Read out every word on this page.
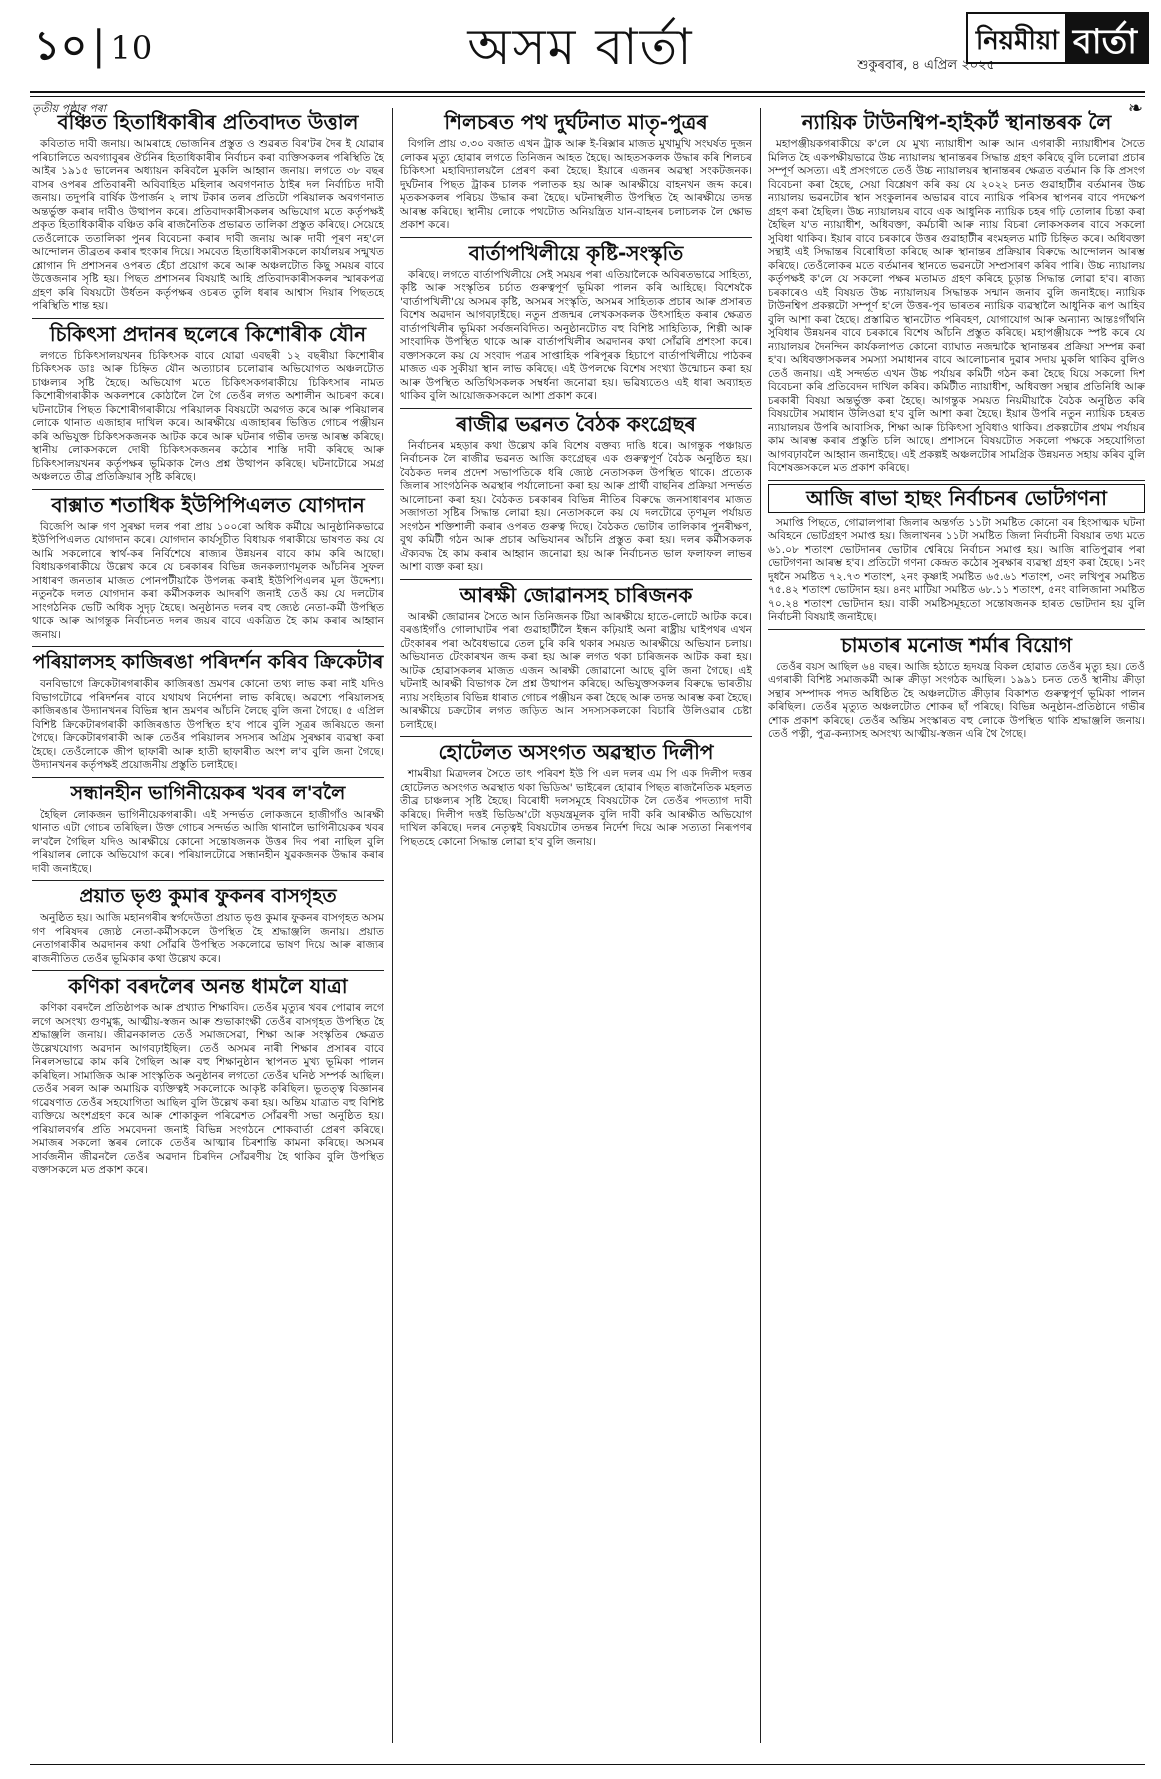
১০ | 10	অসম বাৰ্তা	শুকুৰবাৰ, ৪ এপ্ৰিল ২০২৫
নিয়মীয়া বাৰ্তা
তৃতীয় পৃষ্ঠাৰ পৰা	❧
বঞ্চিত হিতাধিকাৰীৰ প্ৰতিবাদত উত্তাল
কবিতাত দাবী জনায়। আমৰাহে ভোজনিৰ প্ৰস্তুত ও শুৱৰত বিৰ'টৰ দৈৰ ই যোৱাৰ পৰিচালিতে অবগ্যাবুৰৰ ঔৰ্চনিৰ হিতাধিকাৰীৰ নিৰ্বাচন কৰা ব্যক্তিসকলৰ পৰিস্থিতি হৈ আইৰ ১৯১৫ ভালেনৰ অধ্যায়ন কৰিবলৈ মুকলি আহ্বান জনায়। লগতে ৩৮ বছৰ বাসৰ ওপৰৰ প্ৰতিবাৰনী অবিবাহিত মহিলাৰ অবগণনাত ঠাইৰ দল নিৰ্বাচিত দাবী জনায়। তদুপৰি বাৰ্ষিক উপাৰ্জন ২ লাখ টকাৰ তলৰ প্ৰতিটো পৰিয়ালক অবগণনাত অন্তৰ্ভুক্ত কৰাৰ দাবীও উত্থাপন কৰে। প্ৰতিবাদকাৰীসকলৰ অভিযোগ মতে কৰ্তৃপক্ষই প্ৰকৃত হিতাধিকাৰীক বঞ্চিত কৰি ৰাজনৈতিক প্ৰভাৱত তালিকা প্ৰস্তুত কৰিছে। সেয়েহে তেওঁলোকে ততালিকা পুনৰ বিবেচনা কৰাৰ দাবী জনায় আৰু দাবী পূৰণ নহ'লে আন্দোলন তীব্ৰতৰ কৰাৰ হুংকাৰ দিয়ে। সমবেত হিতাধিকাৰীসকলে কাৰ্যালয়ৰ সন্মুখত শ্লোগান দি প্ৰশাসনৰ ওপৰত হেঁচা প্ৰয়োগ কৰে আৰু অঞ্চলটোত কিছু সময়ৰ বাবে উত্তেজনাৰ সৃষ্টি হয়। পিছত প্ৰশাসনৰ বিষয়াই আহি প্ৰতিবাদকাৰীসকলৰ স্মাৰকপত্ৰ গ্ৰহণ কৰি বিষয়টো উৰ্ধতন কৰ্তৃপক্ষৰ ওচৰত তুলি ধৰাৰ আশ্বাস দিয়াৰ পিছতহে পৰিস্থিতি শান্ত হয়।
চিকিৎসা প্ৰদানৰ ছলেৰে কিশোৰীক যৌন
লগতে চিকিৎসালয়খনৰ চিকিৎসক বাবে যোৱা এবছৰী ১২ বছৰীয়া কিশোৰীৰ চিকিৎসক ডাঃ আৰু চিহ্নিত যৌন অত্যাচাৰ চলোৱাৰ অভিযোগত অঞ্চলটোত চাঞ্চল্যৰ সৃষ্টি হৈছে। অভিযোগ মতে চিকিৎসকগৰাকীয়ে চিকিৎসাৰ নামত কিশোৰীগৰাকীক অকলশৰে কোঠালৈ লৈ গৈ তেওঁৰ লগত অশালীন আচৰণ কৰে। ঘটনাটোৰ পিছত কিশোৰীগৰাকীয়ে পৰিয়ালক বিষয়টো অৱগত কৰে আৰু পৰিয়ালৰ লোকে থানাত এজাহাৰ দাখিল কৰে। আৰক্ষীয়ে এজাহাৰৰ ভিত্তিত গোচৰ পঞ্জীয়ন কৰি অভিযুক্ত চিকিৎসকজনক আটক কৰে আৰু ঘটনাৰ গভীৰ তদন্ত আৰম্ভ কৰিছে। স্থানীয় লোকসকলে দোষী চিকিৎসকজনৰ কঠোৰ শাস্তি দাবী কৰিছে আৰু চিকিৎসালয়খনৰ কৰ্তৃপক্ষৰ ভূমিকাক লৈও প্ৰশ্ন উত্থাপন কৰিছে। ঘটনাটোৱে সমগ্ৰ অঞ্চলতে তীব্ৰ প্ৰতিক্ৰিয়াৰ সৃষ্টি কৰিছে।
বাক্সাত শতাধিক ইউপিপিএলত যোগদান
বিজেপি আৰু গণ সুৰক্ষা দলৰ পৰা প্ৰায় ১০০ৰো অধিক কৰ্মীয়ে আনুষ্ঠানিকভাৱে ইউপিপিএলত যোগদান কৰে। যোগদান কাৰ্যসূচীত বিধায়ক গৰাকীয়ে ভাষণত কয় যে আমি সকলোৰে স্বাৰ্থ-কৰ নিৰ্বিশেষে ৰাজ্যৰ উন্নয়নৰ বাবে কাম কৰি আছো। বিধায়কগৰাকীয়ে উল্লেখ কৰে যে চৰকাৰৰ বিভিন্ন জনকল্যাণমূলক আঁচনিৰ সুফল সাধাৰণ জনতাৰ মাজত পোনপটীয়াকৈ উপলব্ধ কৰাই ইউপিপিএলৰ মূল উদ্দেশ্য। নতুনকৈ দলত যোগদান কৰা কৰ্মীসকলক আদৰণি জনাই তেওঁ কয় যে দলটোৰ সাংগঠনিক ভেটি অধিক সুদৃঢ় হৈছে। অনুষ্ঠানত দলৰ বহু জ্যেষ্ঠ নেতা-কৰ্মী উপস্থিত থাকে আৰু আগন্তুক নিৰ্বাচনত দলৰ জয়ৰ বাবে একত্ৰিত হৈ কাম কৰাৰ আহ্বান জনায়।
পৰিয়ালসহ কাজিৰঙা পৰিদৰ্শন কৰিব ক্ৰিকেটাৰ
বনবিভাগে ক্ৰিকেটাৰগৰাকীৰ কাজিৰঙা ভ্ৰমণৰ কোনো তথ্য লাভ কৰা নাই যদিও বিভাগটোৱে পৰিদৰ্শনৰ বাবে যথাযথ নিৰ্দেশনা লাভ কৰিছে। অৱশ্যে পৰিয়ালসহ কাজিৰঙাৰ উদ্যানখনৰ বিভিন্ন স্থান ভ্ৰমণৰ আঁচনি লৈছে বুলি জনা গৈছে। ৫ এপ্ৰিল বিশিষ্ট ক্ৰিকেটাৰগৰাকী কাজিৰঙাত উপস্থিত হ'ব পাৰে বুলি সূত্ৰৰ জৰিয়তে জনা গৈছে। ক্ৰিকেটাৰগৰাকী আৰু তেওঁৰ পৰিয়ালৰ সদস্যৰ অগ্ৰিম সুৰক্ষাৰ ব্যৱস্থা কৰা হৈছে। তেওঁলোকে জীপ ছাফাৰী আৰু হাতী ছাফাৰীত অংশ ল'ব বুলি জনা গৈছে। উদ্যানখনৰ কৰ্তৃপক্ষই প্ৰয়োজনীয় প্ৰস্তুতি চলাইছে।
সন্ধানহীন ভাগিনীয়েকৰ খবৰ ল'বলৈ
হৈছিল লোকজন ভাগিনীয়েকগৰাকী। এই সন্দৰ্ভত লোকজনে হাজীগাঁও আৰক্ষী থানাত এটা গোচৰ তৰিছিল। উক্ত গোচৰ সন্দৰ্ভত আজি থানালৈ ভাগিনীয়েকৰ খবৰ ল'বলৈ গৈছিল যদিও আৰক্ষীয়ে কোনো সন্তোষজনক উত্তৰ দিব পৰা নাছিল বুলি পৰিয়ালৰ লোকে অভিযোগ কৰে। পৰিয়ালটোৱে সন্ধানহীন যুৱকজনক উদ্ধাৰ কৰাৰ দাবী জনাইছে।
প্ৰয়াত ভৃগু কুমাৰ ফুকনৰ বাসগৃহত
অনুষ্ঠিত হয়। আজি মহানগৰীৰ স্বৰ্গদেউতা প্ৰয়াত ভৃগু কুমাৰ ফুকনৰ বাসগৃহত অসম গণ পৰিষদৰ জ্যেষ্ঠ নেতা-কৰ্মীসকলে উপস্থিত হৈ শ্ৰদ্ধাঞ্জলি জনায়। প্ৰয়াত নেতাগৰাকীৰ অৱদানৰ কথা সোঁৱৰি উপস্থিত সকলোৱে ভাষণ দিয়ে আৰু ৰাজ্যৰ ৰাজনীতিত তেওঁৰ ভূমিকাৰ কথা উল্লেখ কৰে।
কণিকা বৰদলৈৰ অনন্ত ধামলৈ যাত্ৰা
কণিকা বৰদলৈ প্ৰতিষ্ঠাপক আৰু প্ৰখ্যাত শিক্ষাবিদ। তেওঁৰ মৃত্যুৰ খবৰ পোৱাৰ লগে লগে অসংখ্য গুণমুগ্ধ, আত্মীয়-স্বজন আৰু শুভাকাংক্ষী তেওঁৰ বাসগৃহত উপস্থিত হৈ শ্ৰদ্ধাঞ্জলি জনায়। জীৱনকালত তেওঁ সমাজসেৱা, শিক্ষা আৰু সংস্কৃতিৰ ক্ষেত্ৰত উল্লেখযোগ্য অৱদান আগবঢ়াইছিল। তেওঁ অসমৰ নাৰী শিক্ষাৰ প্ৰসাৰৰ বাবে নিৰলসভাৱে কাম কৰি গৈছিল আৰু বহু শিক্ষানুষ্ঠান স্থাপনত মুখ্য ভূমিকা পালন কৰিছিল। সামাজিক আৰু সাংস্কৃতিক অনুষ্ঠানৰ লগতো তেওঁৰ ঘনিষ্ঠ সম্পৰ্ক আছিল। তেওঁৰ সৰল আৰু অমায়িক ব্যক্তিত্বই সকলোকে আকৃষ্ট কৰিছিল। ভূতত্ত্ব বিজ্ঞানৰ গৱেষণাত তেওঁৰ সহযোগিতা আছিল বুলি উল্লেখ কৰা হয়। অন্তিম যাত্ৰাত বহু বিশিষ্ট ব্যক্তিয়ে অংশগ্ৰহণ কৰে আৰু শোকাকুল পৰিৱেশত সোঁৱৰণী সভা অনুষ্ঠিত হয়। পৰিয়ালবৰ্গৰ প্ৰতি সমবেদনা জনাই বিভিন্ন সংগঠনে শোকবাৰ্তা প্ৰেৰণ কৰিছে। সমাজৰ সকলো স্তৰৰ লোকে তেওঁৰ আত্মাৰ চিৰশান্তি কামনা কৰিছে। অসমৰ সাৰ্বজনীন জীৱনলৈ তেওঁৰ অৱদান চিৰদিন সোঁৱৰণীয় হৈ থাকিব বুলি উপস্থিত বক্তাসকলে মত প্ৰকাশ কৰে।
শিলচৰত পথ দুৰ্ঘটনাত মাতৃ-পুত্ৰৰ
বিগলি প্ৰায় ৩.৩০ বজাত এখন ট্ৰাক আৰু ই-ৰিক্সাৰ মাজত মুখামুখি সংঘৰ্ষত দুজন লোকৰ মৃত্যু হোৱাৰ লগতে তিনিজন আহত হৈছে। আহতসকলক উদ্ধাৰ কৰি শিলচৰ চিকিৎসা মহাবিদ্যালয়লৈ প্ৰেৰণ কৰা হৈছে। ইয়াৰে এজনৰ অৱস্থা সংকটজনক। দুৰ্ঘটনাৰ পিছত ট্ৰাকৰ চালক পলাতক হয় আৰু আৰক্ষীয়ে বাহনখন জব্দ কৰে। মৃতকসকলৰ পৰিচয় উদ্ধাৰ কৰা হৈছে। ঘটনাস্থলীত উপস্থিত হৈ আৰক্ষীয়ে তদন্ত আৰম্ভ কৰিছে। স্থানীয় লোকে পথটোত অনিয়ন্ত্ৰিত যান-বাহনৰ চলাচলক লৈ ক্ষোভ প্ৰকাশ কৰে।
বাৰ্তাপখিলীয়ে কৃষ্টি-সংস্কৃতি
কৰিছে। লগতে বাৰ্তাপখিলীয়ে সেই সময়ৰ পৰা এতিয়ালৈকে অবিৰতভাৱে সাহিত্য, কৃষ্টি আৰু সংস্কৃতিৰ চৰ্চাত গুৰুত্বপূৰ্ণ ভূমিকা পালন কৰি আহিছে। বিশেষকৈ 'বাৰ্তাপখিলী'য়ে অসমৰ কৃষ্টি, অসমৰ সংস্কৃতি, অসমৰ সাহিত্যক প্ৰচাৰ আৰু প্ৰসাৰত বিশেষ অৱদান আগবঢ়াইছে। নতুন প্ৰজন্মৰ লেখকসকলক উৎসাহিত কৰাৰ ক্ষেত্ৰত বাৰ্তাপখিলীৰ ভূমিকা সৰ্বজনবিদিত। অনুষ্ঠানটোত বহু বিশিষ্ট সাহিত্যিক, শিল্পী আৰু সাংবাদিক উপস্থিত থাকে আৰু বাৰ্তাপখিলীৰ অৱদানৰ কথা সোঁৱৰি প্ৰশংসা কৰে। বক্তাসকলে কয় যে সংবাদ পত্ৰৰ সাপ্তাহিক পৰিপূৰক হিচাপে বাৰ্তাপখিলীয়ে পাঠকৰ মাজত এক সুকীয়া স্থান লাভ কৰিছে। এই উপলক্ষে বিশেষ সংখ্যা উন্মোচন কৰা হয় আৰু উপস্থিত অতিথিসকলক সম্বৰ্ধনা জনোৱা হয়। ভৱিষ্যতেও এই ধাৰা অব্যাহত থাকিব বুলি আয়োজকসকলে আশা প্ৰকাশ কৰে।
ৰাজীৱ ভৱনত বৈঠক কংগ্ৰেছৰ
নিৰ্বাচনৰ মহড়াৰ কথা উল্লেখ কৰি বিশেষ বক্তব্য দাঙি ধৰে। আগন্তুক পঞ্চায়ত নিৰ্বাচনক লৈ ৰাজীৱ ভৱনত আজি কংগ্ৰেছৰ এক গুৰুত্বপূৰ্ণ বৈঠক অনুষ্ঠিত হয়। বৈঠকত দলৰ প্ৰদেশ সভাপতিকে ধৰি জ্যেষ্ঠ নেতাসকল উপস্থিত থাকে। প্ৰত্যেক জিলাৰ সাংগঠনিক অৱস্থাৰ পৰ্যালোচনা কৰা হয় আৰু প্ৰাৰ্থী বাছনিৰ প্ৰক্ৰিয়া সন্দৰ্ভত আলোচনা কৰা হয়। বৈঠকত চৰকাৰৰ বিভিন্ন নীতিৰ বিৰুদ্ধে জনসাধাৰণৰ মাজত সজাগতা সৃষ্টিৰ সিদ্ধান্ত লোৱা হয়। নেতাসকলে কয় যে দলটোৱে তৃণমূল পৰ্যায়ত সংগঠন শক্তিশালী কৰাৰ ওপৰত গুৰুত্ব দিছে। বৈঠকত ভোটাৰ তালিকাৰ পুনৰীক্ষণ, বুথ কমিটী গঠন আৰু প্ৰচাৰ অভিযানৰ আঁচনি প্ৰস্তুত কৰা হয়। দলৰ কৰ্মীসকলক ঐক্যবদ্ধ হৈ কাম কৰাৰ আহ্বান জনোৱা হয় আৰু নিৰ্বাচনত ভাল ফলাফল লাভৰ আশা ব্যক্ত কৰা হয়।
আৰক্ষী জোৱানসহ চাৰিজনক
আৰক্ষী জোৱানৰ সৈতে আন তিনিজনক টিয়া আৰক্ষীয়ে হাতে-লোটে আটক কৰে। বৰঙাইগাঁও গোলাঘাটৰ পৰা গুৱাহাটীলৈ ইন্ধন কঢ়িয়াই অনা ৰাষ্ট্ৰীয় ঘাইপথৰ এখন টেংকাৰৰ পৰা অবৈধভাৱে তেল চুৰি কৰি থকাৰ সময়ত আৰক্ষীয়ে অভিযান চলায়। অভিযানত টেংকাৰখন জব্দ কৰা হয় আৰু লগত থকা চাৰিজনক আটক কৰা হয়। আটক হোৱাসকলৰ মাজত এজন আৰক্ষী জোৱানো আছে বুলি জনা গৈছে। এই ঘটনাই আৰক্ষী বিভাগক লৈ প্ৰশ্ন উত্থাপন কৰিছে। অভিযুক্তসকলৰ বিৰুদ্ধে ভাৰতীয় ন্যায় সংহিতাৰ বিভিন্ন ধাৰাত গোচৰ পঞ্জীয়ন কৰা হৈছে আৰু তদন্ত আৰম্ভ কৰা হৈছে। আৰক্ষীয়ে চক্ৰটোৰ লগত জড়িত আন সদস্যসকলকো বিচাৰি উলিওৱাৰ চেষ্টা চলাইছে।
হোটেলত অসংগত অৱস্থাত দিলীপ
শামৰীয়া মিত্ৰদলৰ সৈতে তাৎ পৰিবশ ইউ পি এল দলৰ এম পি এক দিলীপ দত্তৰ হোটেলত অসংগত অৱস্থাত থকা ভিডিঅ' ভাইৰেল হোৱাৰ পিছত ৰাজনৈতিক মহলত তীব্ৰ চাঞ্চল্যৰ সৃষ্টি হৈছে। বিৰোধী দলসমূহে বিষয়টোক লৈ তেওঁৰ পদত্যাগ দাবী কৰিছে। দিলীপ দত্তই ভিডিঅ'টো ষড়যন্ত্ৰমূলক বুলি দাবী কৰি আৰক্ষীত অভিযোগ দাখিল কৰিছে। দলৰ নেতৃত্বই বিষয়টোৰ তদন্তৰ নিৰ্দেশ দিয়ে আৰু সত্যতা নিৰূপণৰ পিছতহে কোনো সিদ্ধান্ত লোৱা হ'ব বুলি জনায়।
ন্যায়িক টাউনশ্বিপ-হাইকৰ্ট স্থানান্তৰক লৈ
মহাপঞ্জীয়কগৰাকীয়ে ক'লে যে মুখ্য ন্যায়াধীশ আৰু আন এগৰাকী ন্যায়াধীশৰ সৈতে মিলিত হৈ একপক্ষীয়ভাৱে উচ্চ ন্যায়ালয় স্থানান্তৰৰ সিদ্ধান্ত গ্ৰহণ কৰিছে বুলি চলোৱা প্ৰচাৰ সম্পূৰ্ণ অসত্য। এই প্ৰসংগতে তেওঁ উচ্চ ন্যায়ালয়ৰ স্থানান্তৰৰ ক্ষেত্ৰত বৰ্তমান কি কি প্ৰসংগ বিবেচনা কৰা হৈছে, সেয়া বিশ্লেষণ কৰি কয় যে ২০২২ চনত গুৱাহাটীৰ বৰ্তমানৰ উচ্চ ন্যায়ালয় ভৱনটোৰ স্থান সংকুলানৰ অভাৱৰ বাবে ন্যায়িক পৰিসৰ স্থাপনৰ বাবে পদক্ষেপ গ্ৰহণ কৰা হৈছিল। উচ্চ ন্যায়ালয়ৰ বাবে এক আধুনিক ন্যায়িক চহৰ গঢ়ি তোলাৰ চিন্তা কৰা হৈছিল য'ত ন্যায়াধীশ, অধিবক্তা, কৰ্মচাৰী আৰু ন্যায় বিচৰা লোকসকলৰ বাবে সকলো সুবিধা থাকিব। ইয়াৰ বাবে চৰকাৰে উত্তৰ গুৱাহাটীৰ ৰংমহলত মাটি চিহ্নিত কৰে। অধিবক্তা সন্থাই এই সিদ্ধান্তৰ বিৰোধিতা কৰিছে আৰু স্থানান্তৰ প্ৰক্ৰিয়াৰ বিৰুদ্ধে আন্দোলন আৰম্ভ কৰিছে। তেওঁলোকৰ মতে বৰ্তমানৰ স্থানতে ভৱনটো সম্প্ৰসাৰণ কৰিব পাৰি। উচ্চ ন্যায়ালয় কৰ্তৃপক্ষই ক'লে যে সকলো পক্ষৰ মতামত গ্ৰহণ কৰিহে চূড়ান্ত সিদ্ধান্ত লোৱা হ'ব। ৰাজ্য চৰকাৰেও এই বিষয়ত উচ্চ ন্যায়ালয়ৰ সিদ্ধান্তক সন্মান জনাব বুলি জনাইছে। ন্যায়িক টাউনশ্বিপ প্ৰকল্পটো সম্পূৰ্ণ হ'লে উত্তৰ-পূব ভাৰতৰ ন্যায়িক ব্যৱস্থালৈ আধুনিক ৰূপ আহিব বুলি আশা কৰা হৈছে। প্ৰস্তাৱিত স্থানটোত পৰিবহণ, যোগাযোগ আৰু অন্যান্য আন্তঃগাঁথনি সুবিধাৰ উন্নয়নৰ বাবে চৰকাৰে বিশেষ আঁচনি প্ৰস্তুত কৰিছে। মহাপঞ্জীয়কে স্পষ্ট কৰে যে ন্যায়ালয়ৰ দৈনন্দিন কাৰ্যকলাপত কোনো ব্যাঘাত নজন্মাকৈ স্থানান্তৰৰ প্ৰক্ৰিয়া সম্পন্ন কৰা হ'ব। অধিবক্তাসকলৰ সমস্যা সমাধানৰ বাবে আলোচনাৰ দুৱাৰ সদায় মুকলি থাকিব বুলিও তেওঁ জনায়। এই সন্দৰ্ভত এখন উচ্চ পৰ্যায়ৰ কমিটী গঠন কৰা হৈছে যিয়ে সকলো দিশ বিবেচনা কৰি প্ৰতিবেদন দাখিল কৰিব। কমিটীত ন্যায়াধীশ, অধিবক্তা সন্থাৰ প্ৰতিনিধি আৰু চৰকাৰী বিষয়া অন্তৰ্ভুক্ত কৰা হৈছে। আগন্তুক সময়ত নিয়মীয়াকৈ বৈঠক অনুষ্ঠিত কৰি বিষয়টোৰ সমাধান উলিওৱা হ'ব বুলি আশা কৰা হৈছে। ইয়াৰ উপৰি নতুন ন্যায়িক চহৰত ন্যায়ালয়ৰ উপৰি আবাসিক, শিক্ষা আৰু চিকিৎসা সুবিধাও থাকিব। প্ৰকল্পটোৰ প্ৰথম পৰ্যায়ৰ কাম আৰম্ভ কৰাৰ প্ৰস্তুতি চলি আছে। প্ৰশাসনে বিষয়টোত সকলো পক্ষকে সহযোগিতা আগবঢ়াবলৈ আহ্বান জনাইছে। এই প্ৰকল্পই অঞ্চলটোৰ সামগ্ৰিক উন্নয়নত সহায় কৰিব বুলি বিশেষজ্ঞসকলে মত প্ৰকাশ কৰিছে।
আজি ৰাভা হাছং নিৰ্বাচনৰ ভোটগণনা
সমাপ্তি পিছতে, গোৱালপাৰা জিলাৰ অন্তৰ্গত ১১টা সমষ্টিত কোনো বৰ হিংসাত্মক ঘটনা অবিহনে ভোটগ্ৰহণ সমাপ্ত হয়। জিলাখনৰ ১১টা সমষ্টিত জিলা নিৰ্বাচনী বিষয়াৰ তথ্য মতে ৬১.০৮ শতাংশ ভোটদানৰ ভোটাৰ শ্বেৰিয়ে নিৰ্বাচন সমাপ্ত হয়। আজি ৰাতিপুৱাৰ পৰা ভোটগণনা আৰম্ভ হ'ব। প্ৰতিটো গণনা কেন্দ্ৰত কঠোৰ সুৰক্ষাৰ ব্যৱস্থা গ্ৰহণ কৰা হৈছে। ১নং দুধনৈ সমষ্টিত ৭২.৭৩ শতাংশ, ২নং কৃষ্ণাই সমষ্টিত ৬৫.৬১ শতাংশ, ৩নং লখিপুৰ সমষ্টিত ৭৫.৪২ শতাংশ ভোটদান হয়। ৪নং মাটিয়া সমষ্টিত ৬৮.১১ শতাংশ, ৫নং বালিজানা সমষ্টিত ৭০.২৪ শতাংশ ভোটদান হয়। বাকী সমষ্টিসমূহতো সন্তোষজনক হাৰত ভোটদান হয় বুলি নিৰ্বাচনী বিষয়াই জনাইছে।
চামতাৰ মনোজ শৰ্মাৰ বিয়োগ
তেওঁৰ বয়স আছিল ৬৪ বছৰ। আজি হঠাতে হৃদযন্ত্ৰ বিকল হোৱাত তেওঁৰ মৃত্যু হয়। তেওঁ এগৰাকী বিশিষ্ট সমাজকৰ্মী আৰু ক্ৰীড়া সংগঠক আছিল। ১৯৯১ চনত তেওঁ স্থানীয় ক্ৰীড়া সন্থাৰ সম্পাদক পদত অধিষ্ঠিত হৈ অঞ্চলটোত ক্ৰীড়াৰ বিকাশত গুৰুত্বপূৰ্ণ ভূমিকা পালন কৰিছিল। তেওঁৰ মৃত্যুত অঞ্চলটোত শোকৰ ছাঁ পৰিছে। বিভিন্ন অনুষ্ঠান-প্ৰতিষ্ঠানে গভীৰ শোক প্ৰকাশ কৰিছে। তেওঁৰ অন্তিম সংস্কাৰত বহু লোকে উপস্থিত থাকি শ্ৰদ্ধাঞ্জলি জনায়। তেওঁ পত্নী, পুত্ৰ-কন্যাসহ অসংখ্য আত্মীয়-স্বজন এৰি থৈ গৈছে।
